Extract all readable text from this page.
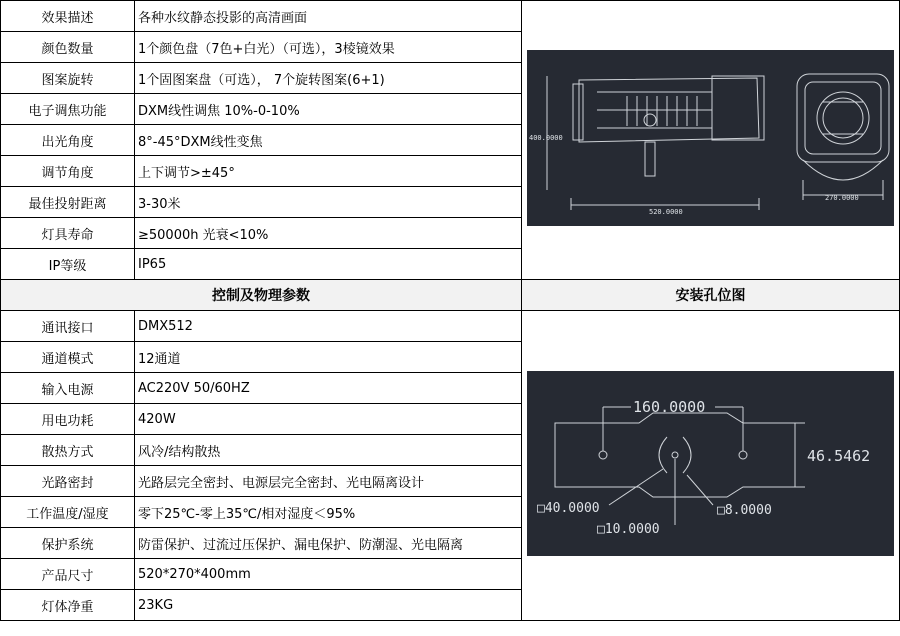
效果描述	各种水纹静态投影的高清画面	400.0000
520.0000
270.0000

颜色数量	1个颜色盘（7色+白光）（可选），3棱镜效果	
图案旋转	1个固图案盘（可选）， 7个旋转图案(6+1)	
电子调焦功能	DXM线性调焦 10%-0-10%	
出光角度	8°-45°DXM线性变焦	
调节角度	上下调节>±45°	
最佳投射距离	3-30米	
灯具寿命	≥50000h 光衰<10%	
IP等级	IP65	
控制及物理参数		安装孔位图
通讯接口	DMX512	160.0000
46.5462
□40.0000 □8.0000
□10.0000

通道模式	12通道	
输入电源	AC220V 50/60HZ	
用电功耗	420W	
散热方式	风冷/结构散热	
光路密封	光路层完全密封、电源层完全密封、光电隔离设计	
工作温度/湿度	零下25℃-零上35℃/相对湿度＜95%	
保护系统	防雷保护、过流过压保护、漏电保护、防潮湿、光电隔离	
产品尺寸	520*270*400mm	
灯体净重	23KG	
